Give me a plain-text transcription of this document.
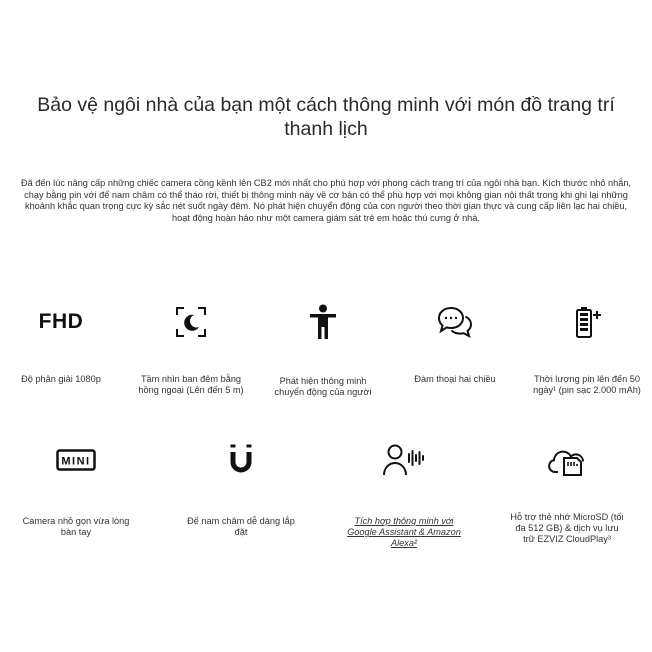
Bảo vệ ngôi nhà của bạn một cách thông minh với món đồ trang trí thanh lịch

Đã đến lúc nâng cấp những chiếc camera cồng kềnh lên CB2 mới nhất cho phù hợp với phong cách trang trí của ngôi nhà bạn. Kích thước nhỏ nhắn, chạy bằng pin với để nam châm có thể tháo rời, thiết bị thông minh này về cơ bản có thể phù hợp với mọi không gian nội thất trong khi ghi lại những khoảnh khắc quan trọng cực kỳ sắc nét suốt ngày đêm. Nó phát hiện chuyển động của con người theo thời gian thực và cung cấp liên lạc hai chiều, hoạt động hoàn hảo như một camera giám sát trẻ em hoặc thú cưng ở nhà.

FHD
Độ phân giải 1080p	Tầm nhìn ban đêm bằng hồng ngoại (Lên đến 5 m)
Phát hiện thông minh chuyển động của người
Đàm thoại hai chiều	Thời lượng pin lên đến 50 ngày¹ (pin sạc 2.000 mAh)
MINI
Camera nhỏ gọn vừa lòng bàn tay
Đế nam châm dễ dàng lắp đặt
Tích hợp thông minh với Google Assistant & Amazon Alexa²
Hỗ trợ thẻ nhớ MicroSD (tối đa 512 GB) & dịch vụ lưu trữ EZVIZ CloudPlay³
